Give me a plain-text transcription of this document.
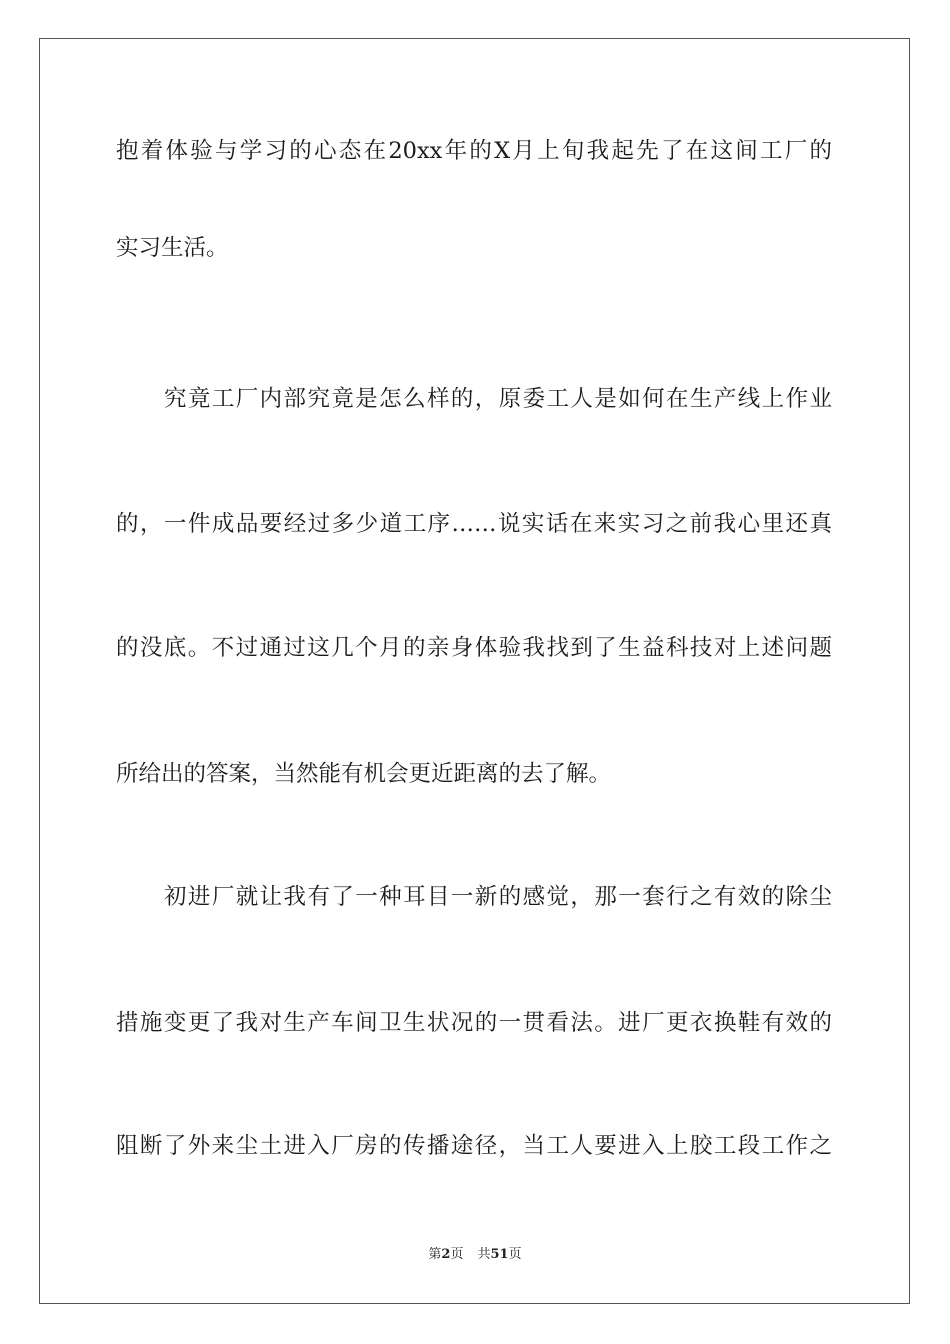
抱着体验与学习的心态在20xx年的X月上旬我起先了在这间工厂的
实习生活。
究竟工厂内部究竟是怎么样的，原委工人是如何在生产线上作业
的，一件成品要经过多少道工序……说实话在来实习之前我心里还真
的没底。不过通过这几个月的亲身体验我找到了生益科技对上述问题
所给出的答案，当然能有机会更近距离的去了解。
初进厂就让我有了一种耳目一新的感觉，那一套行之有效的除尘
措施变更了我对生产车间卫生状况的一贯看法。进厂更衣换鞋有效的
阻断了外来尘土进入厂房的传播途径，当工人要进入上胶工段工作之
第2页 共51页
